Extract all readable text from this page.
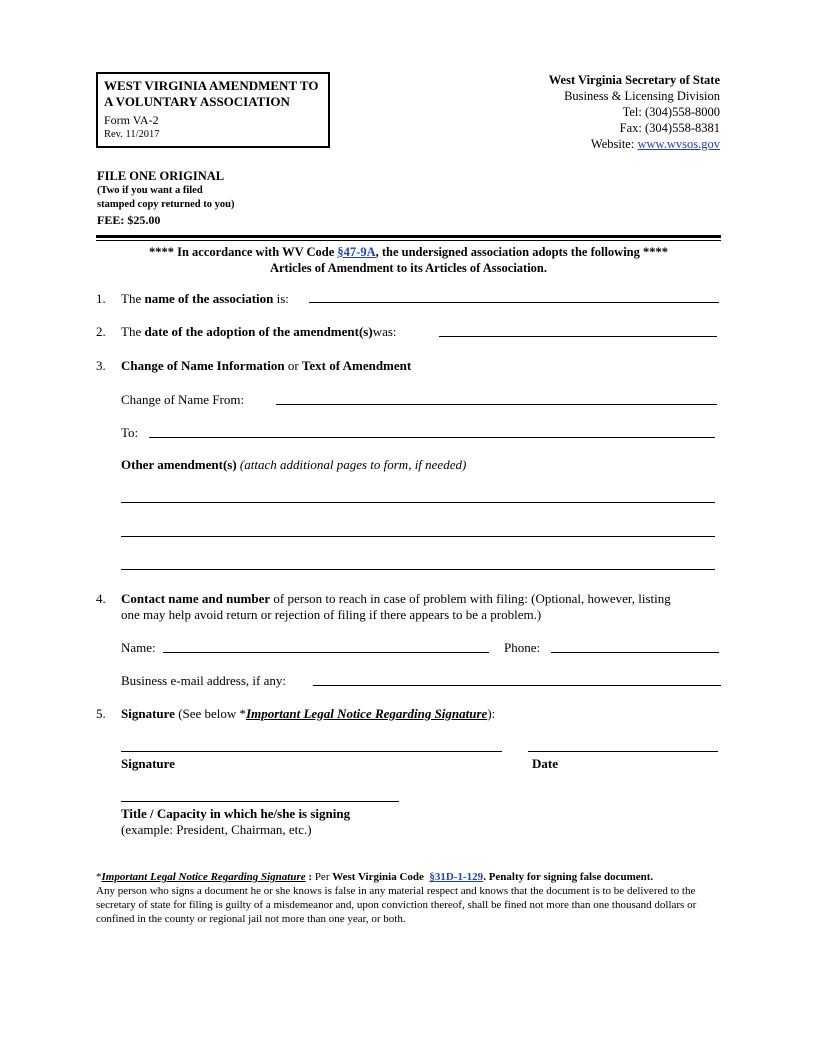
WEST VIRGINIA AMENDMENT TO
A VOLUNTARY ASSOCIATION
Form VA-2
Rev. 11/2017
West Virginia Secretary of State
Business & Licensing Division
Tel: (304)558-8000
Fax: (304)558-8381
Website: www.wvsos.gov
FILE ONE ORIGINAL
(Two if you want a filed
stamped copy returned to you)
FEE: $25.00
**** In accordance with WV Code §47-9A, the undersigned association adopts the following ****
Articles of Amendment to its Articles of Association.
1. The name of the association is:
2. The date of the adoption of the amendment(s)was:
3. Change of Name Information or Text of Amendment
Change of Name From:
To:
Other amendment(s) (attach additional pages to form, if needed)
4. Contact name and number of person to reach in case of problem with filing: (Optional, however, listing
one may help avoid return or rejection of filing if there appears to be a problem.)
Name:	Phone:
Business e-mail address, if any:
5. Signature (See below *Important Legal Notice Regarding Signature):
Signature	Date
Title / Capacity in which he/she is signing
(example: President, Chairman, etc.)
*Important Legal Notice Regarding Signature : Per West Virginia Code §31D-1-129. Penalty for signing false document.
Any person who signs a document he or she knows is false in any material respect and knows that the document is to be delivered to the secretary of state for filing is guilty of a misdemeanor and, upon conviction thereof, shall be fined not more than one thousand dollars or confined in the county or regional jail not more than one year, or both.
